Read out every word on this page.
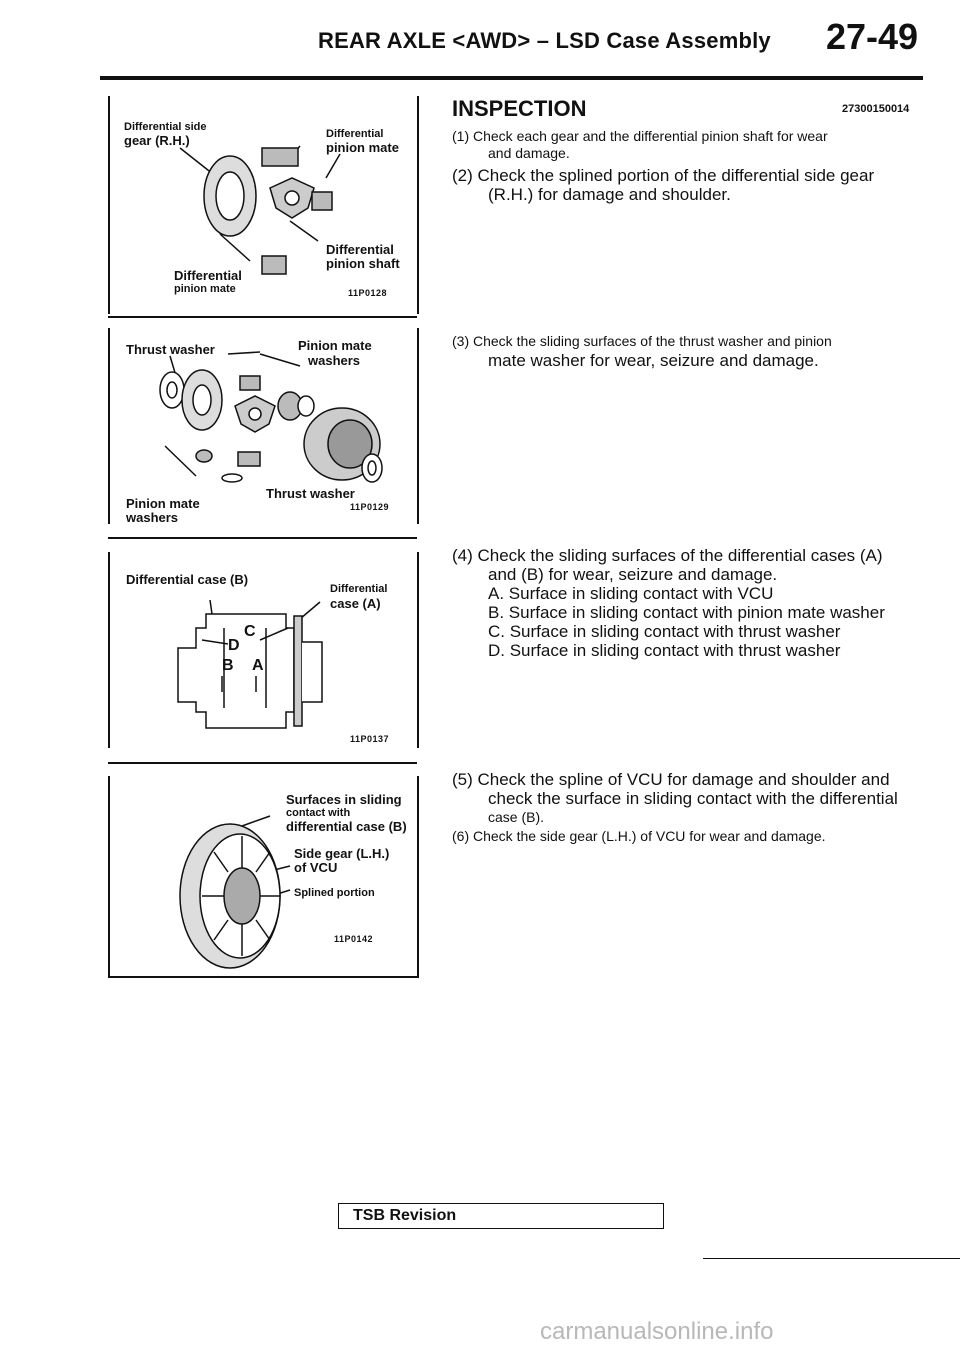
REAR AXLE <AWD> – LSD Case Assembly 27-49
Differential side
gear (R.H.)	Differential
pinion mate
Differential
pinion shaft
Differential
pinion mate	11P0128
Thrust washer	Pinion mate
washers
Pinion mate
washers
Thrust washer
11P0129
Differential case (B)
Differential
case (A)
D
C
B A
11P0137
Surfaces in sliding
contact with
differential case (B)
Side gear (L.H.)
of VCU
Splined portion
11P0142
INSPECTION	27300150014
(1) Check each gear and the differential pinion shaft for wear
and damage.
(2) Check the splined portion of the differential side gear
(R.H.) for damage and shoulder.
(3) Check the sliding surfaces of the thrust washer and pinion
mate washer for wear, seizure and damage.
(4) Check the sliding surfaces of the differential cases (A)
and (B) for wear, seizure and damage.
A. Surface in sliding contact with VCU
B. Surface in sliding contact with pinion mate washer
C. Surface in sliding contact with thrust washer
D. Surface in sliding contact with thrust washer
(5) Check the spline of VCU for damage and shoulder and
check the surface in sliding contact with the differential
case (B).
(6) Check the side gear (L.H.) of VCU for wear and damage.
TSB Revision
carmanualsonline.info
